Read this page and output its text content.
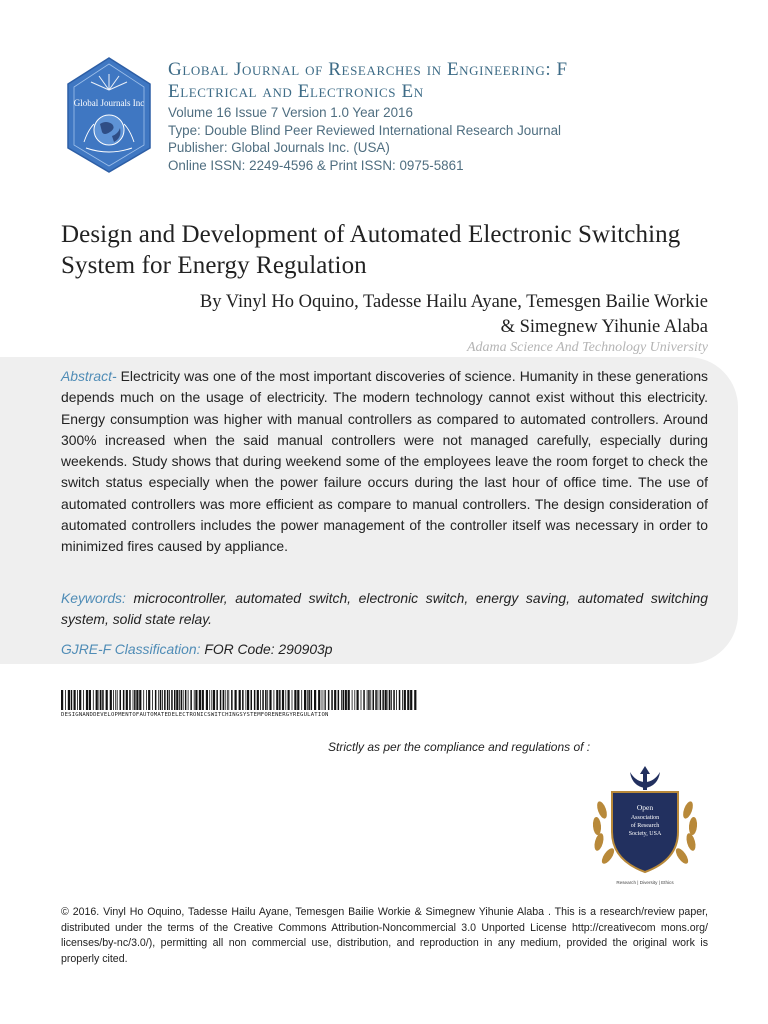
Global Journals Inc
Global Journal of Researches in Engineering: F
Electrical and Electronics En
Volume 16 Issue 7 Version 1.0 Year 2016
Type: Double Blind Peer Reviewed International Research Journal
Publisher: Global Journals Inc. (USA)
Online ISSN: 2249-4596 & Print ISSN: 0975-5861
Design and Development of Automated Electronic Switching
System for Energy Regulation
By Vinyl Ho Oquino, Tadesse Hailu Ayane, Temesgen Bailie Workie
& Simegnew Yihunie Alaba
Adama Science And Technology University
Abstract- Electricity was one of the most important discoveries of science. Humanity in these generations depends much on the usage of electricity. The modern technology cannot exist without this electricity. Energy consumption was higher with manual controllers as compared to automated controllers. Around 300% increased when the said manual controllers were not managed carefully, especially during weekends. Study shows that during weekend some of the employees leave the room forget to check the switch status especially when the power failure occurs during the last hour of office time. The use of automated controllers was more efficient as compare to manual controllers. The design consideration of automated controllers includes the power management of the controller itself was necessary in order to minimized fires caused by appliance.
Keywords: microcontroller, automated switch, electronic switch, energy saving, automated switching system, solid state relay.
GJRE-F Classification: FOR Code: 290903p
DESIGNANDDEVELOPMENTOFAUTOMATEDELECTRONICSWITCHINGSYSTEMFORENERGYREGULATION
Strictly as per the compliance and regulations of :
Open
Association
of Research
Society, USA
Research | Diversity | Ethics
© 2016. Vinyl Ho Oquino, Tadesse Hailu Ayane, Temesgen Bailie Workie & Simegnew Yihunie Alaba . This is a research/review paper, distributed under the terms of the Creative Commons Attribution-Noncommercial 3.0 Unported License http://creativecom mons.org/ licenses/by-nc/3.0/), permitting all non commercial use, distribution, and reproduction in any medium, provided the original work is properly cited.
